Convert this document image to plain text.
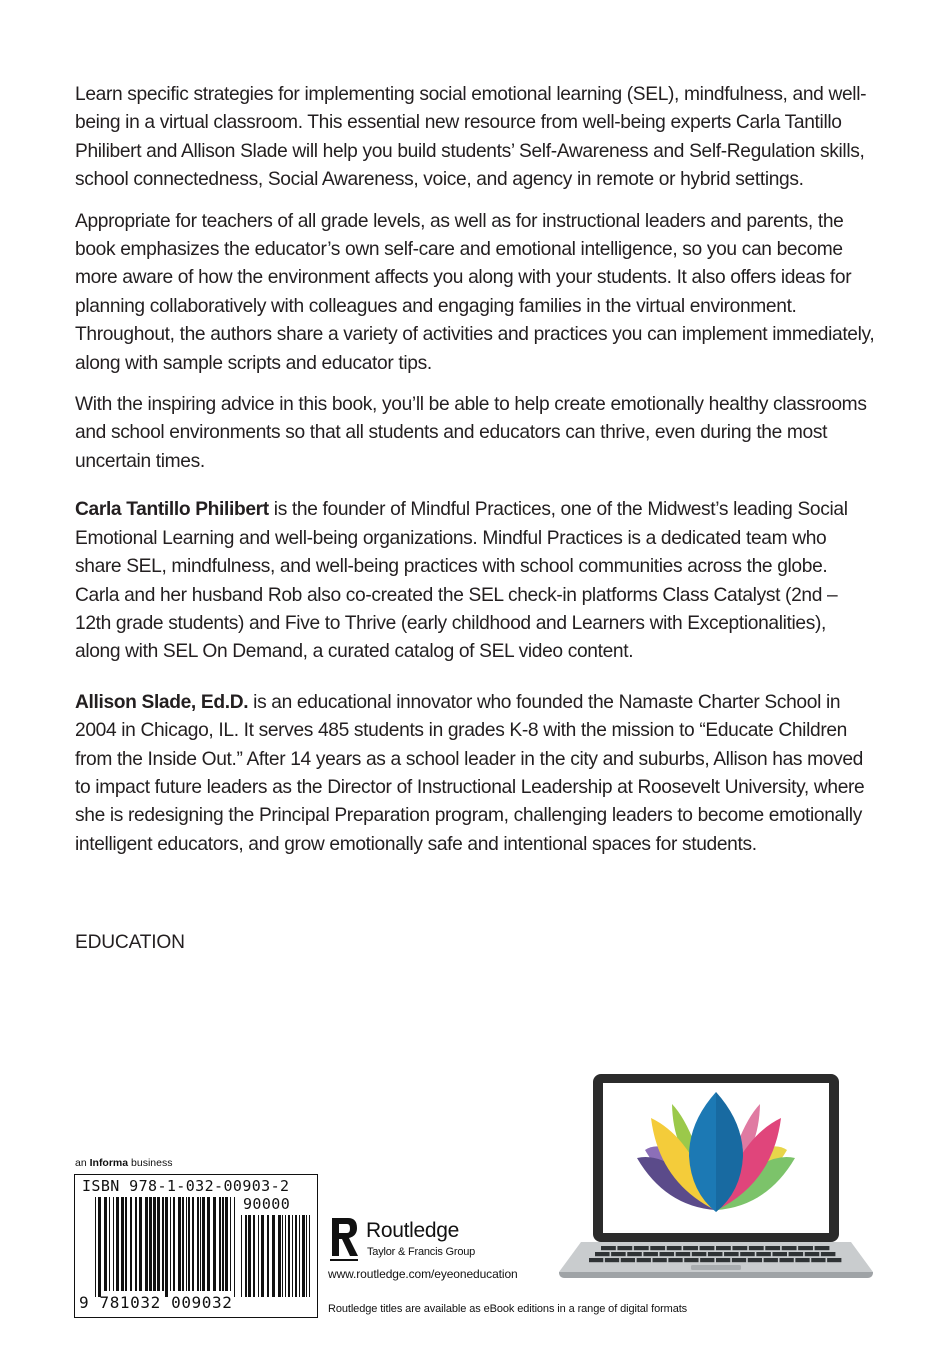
Learn specific strategies for implementing social emotional learning (SEL), mindfulness, and well-being in a virtual classroom. This essential new resource from well-being experts Carla Tantillo Philibert and Allison Slade will help you build students’ Self-Awareness and Self-Regulation skills, school connectedness, Social Awareness, voice, and agency in remote or hybrid settings.

Appropriate for teachers of all grade levels, as well as for instructional leaders and parents, the book emphasizes the educator’s own self-care and emotional intelligence, so you can become more aware of how the environment affects you along with your students. It also offers ideas for planning collaboratively with colleagues and engaging families in the virtual environment. Throughout, the authors share a variety of activities and practices you can implement immediately, along with sample scripts and educator tips.

With the inspiring advice in this book, you’ll be able to help create emotionally healthy classrooms and school environments so that all students and educators can thrive, even during the most uncertain times.

Carla Tantillo Philibert is the founder of Mindful Practices, one of the Midwest’s leading Social Emotional Learning and well-being organizations. Mindful Practices is a dedicated team who share SEL, mindfulness, and well-being practices with school communities across the globe. Carla and her husband Rob also co-created the SEL check-in platforms Class Catalyst (2nd – 12th grade students) and Five to Thrive (early childhood and Learners with Exceptionalities), along with SEL On Demand, a curated catalog of SEL video content.

Allison Slade, Ed.D. is an educational innovator who founded the Namaste Charter School in 2004 in Chicago, IL. It serves 485 students in grades K-8 with the mission to “Educate Children from the Inside Out.” After 14 years as a school leader in the city and suburbs, Allison has moved to impact future leaders as the Director of Instructional Leadership at Roosevelt University, where she is redesigning the Principal Preparation program, challenging leaders to become emotionally intelligent educators, and grow emotionally safe and intentional spaces for students.

EDUCATION
an Informa business
ISBN 978-1-032-00903-2
90000
9 781032 009032
Routledge
Taylor & Francis Group
www.routledge.com/eyeoneducation
Routledge titles are available as eBook editions in a range of digital formats
